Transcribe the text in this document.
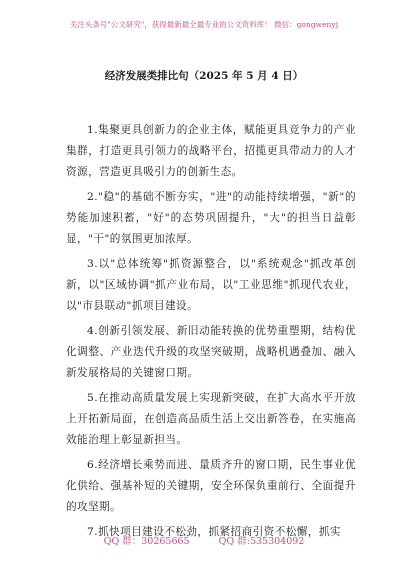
关注头条号"公文研究"，获得最新最全最专业的公文资料库！ 微信：gongwenyj
经济发展类排比句（2025 年 5 月 4 日）

1.集聚更具创新力的企业主体，赋能更具竞争力的产业集群，打造更具引领力的战略平台，招揽更具带动力的人才资源，营造更具吸引力的创新生态。

2."稳"的基础不断夯实，"进"的动能持续增强，"新"的势能加速积蓄，"好"的态势巩固提升，"大"的担当日益彰显，"干"的氛围更加浓厚。

3.以"总体统筹"抓资源整合，以"系统观念"抓改革创新，以"区域协调"抓产业布局，以"工业思维"抓现代农业，以"市县联动"抓项目建设。

4.创新引领发展、新旧动能转换的优势重塑期，结构优化调整、产业迭代升级的攻坚突破期，战略机遇叠加、融入新发展格局的关键窗口期。

5.在推动高质量发展上实现新突破，在扩大高水平开放上开拓新局面，在创造高品质生活上交出新答卷，在实施高效能治理上彰显新担当。

6.经济增长乘势而进、量质齐升的窗口期，民生事业优化供给、强基补短的关键期，安全环保负重前行、全面提升的攻坚期。

7.抓快项目建设不松劲，抓紧招商引资不松懈，抓实

QQ 群：30265665	QQ 群:535304092
